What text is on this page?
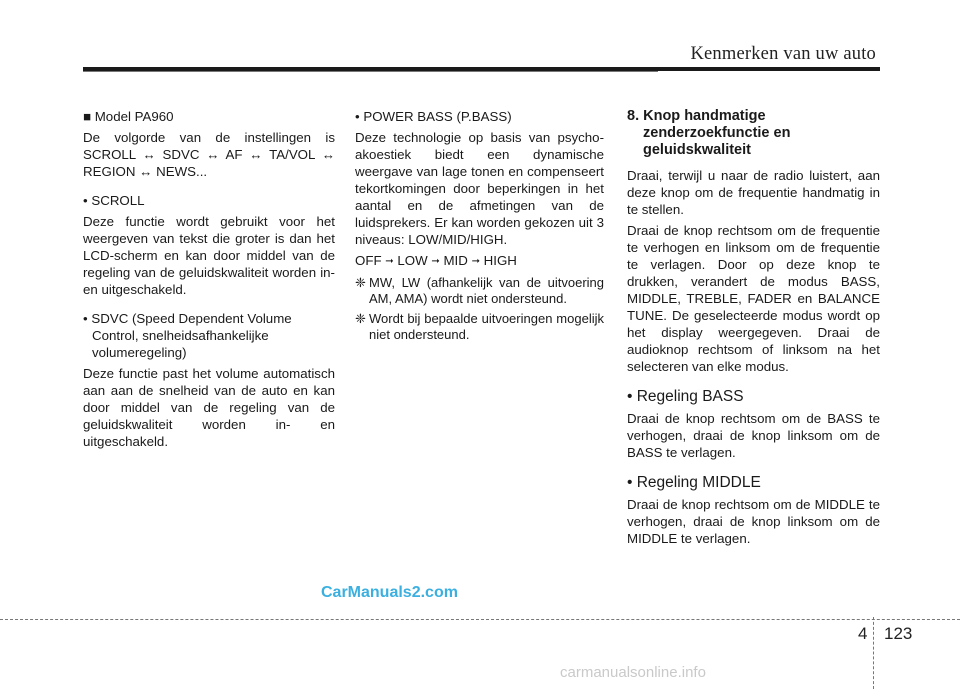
Kenmerken van uw auto

■ Model PA960

De volgorde van de instellingen is SCROLL ↔ SDVC ↔ AF ↔ TA/VOL ↔ REGION ↔ NEWS...

• SCROLL

Deze functie wordt gebruikt voor het weergeven van tekst die groter is dan het LCD-scherm en kan door middel van de regeling van de geluidskwaliteit worden in- en uitgeschakeld.

• SDVC (Speed Dependent Volume

Control, snelheidsafhankelijke

volumeregeling)

Deze functie past het volume automatisch aan aan de snelheid van de auto en kan door middel van de regeling van de geluidskwaliteit worden in- en uitgeschakeld.

• POWER BASS (P.BASS)

Deze technologie op basis van psycho-akoestiek biedt een dynamische weergave van lage tonen en compenseert tekortkomingen door beperkingen in het aantal en de afmetingen van de luidsprekers. Er kan worden gekozen uit 3 niveaus: LOW/MID/HIGH.

OFF ➞ LOW ➞ MID ➞ HIGH

❈ MW, LW (afhankelijk van de uitvoering AM, AMA) wordt niet ondersteund.
❈ Wordt bij bepaalde uitvoeringen mogelijk niet ondersteund.

8. Knop handmatige

zenderzoekfunctie en

geluidskwaliteit

Draai, terwijl u naar de radio luistert, aan deze knop om de frequentie handmatig in te stellen.

Draai de knop rechtsom om de frequentie te verhogen en linksom om de frequentie te verlagen. Door op deze knop te drukken, verandert de modus BASS, MIDDLE, TREBLE, FADER en BALANCE TUNE. De geselecteerde modus wordt op het display weergegeven. Draai de audioknop rechtsom of linksom na het selecteren van elke modus.

• Regeling BASS

Draai de knop rechtsom om de BASS te verhogen, draai de knop linksom om de BASS te verlagen.

• Regeling MIDDLE

Draai de knop rechtsom om de MIDDLE te verhogen, draai de knop linksom om de MIDDLE te verlagen.

CarManuals2.com
4 123
carmanualsonline.info
